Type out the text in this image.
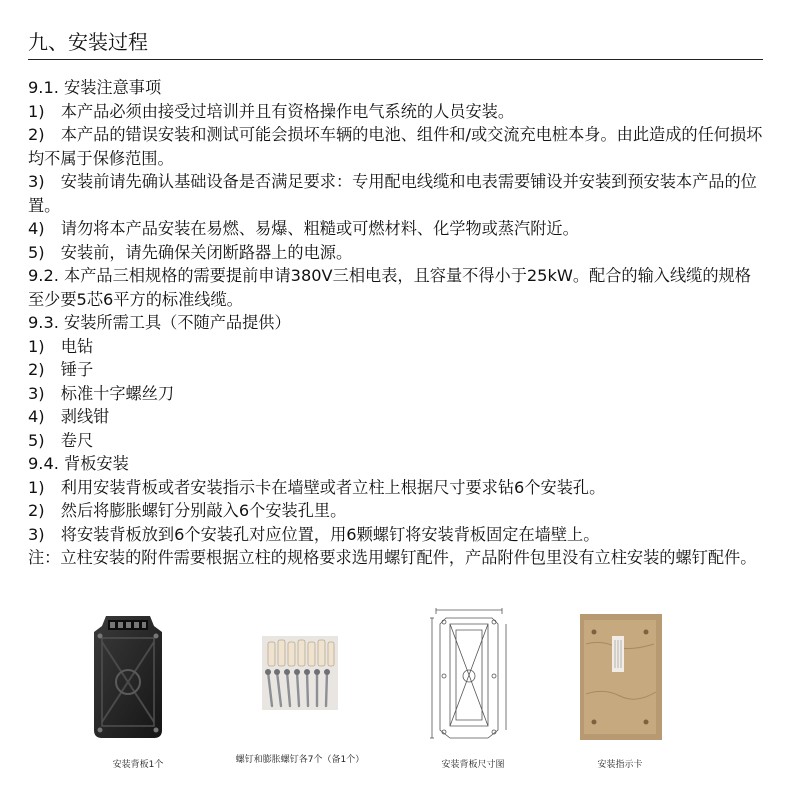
九、安装过程
9.1. 安装注意事项
1)　本产品必须由接受过培训并且有资格操作电气系统的人员安装。
2)　本产品的错误安装和测试可能会损坏车辆的电池、组件和/或交流充电桩本身。由此造成的任何损坏均不属于保修范围。
3)　安装前请先确认基础设备是否满足要求：专用配电线缆和电表需要铺设并安装到预安装本产品的位置。
4)　请勿将本产品安装在易燃、易爆、粗糙或可燃材料、化学物或蒸汽附近。
5)　安装前，请先确保关闭断路器上的电源。
9.2. 本产品三相规格的需要提前申请380V三相电表，且容量不得小于25kW。配合的输入线缆的规格至少要5芯6平方的标准线缆。
9.3. 安装所需工具（不随产品提供）
1)　电钻
2)　锤子
3)　标准十字螺丝刀
4)　剥线钳
5)　卷尺
9.4. 背板安装
1)　利用安装背板或者安装指示卡在墙壁或者立柱上根据尺寸要求钻6个安装孔。
2)　然后将膨胀螺钉分别敲入6个安装孔里。
3)　将安装背板放到6个安装孔对应位置，用6颗螺钉将安装背板固定在墙壁上。
注：立柱安装的附件需要根据立柱的规格要求选用螺钉配件，产品附件包里没有立柱安装的螺钉配件。
安装背板1个	螺钉和膨胀螺钉各7个（备1个）	安装背板尺寸图	安装指示卡
